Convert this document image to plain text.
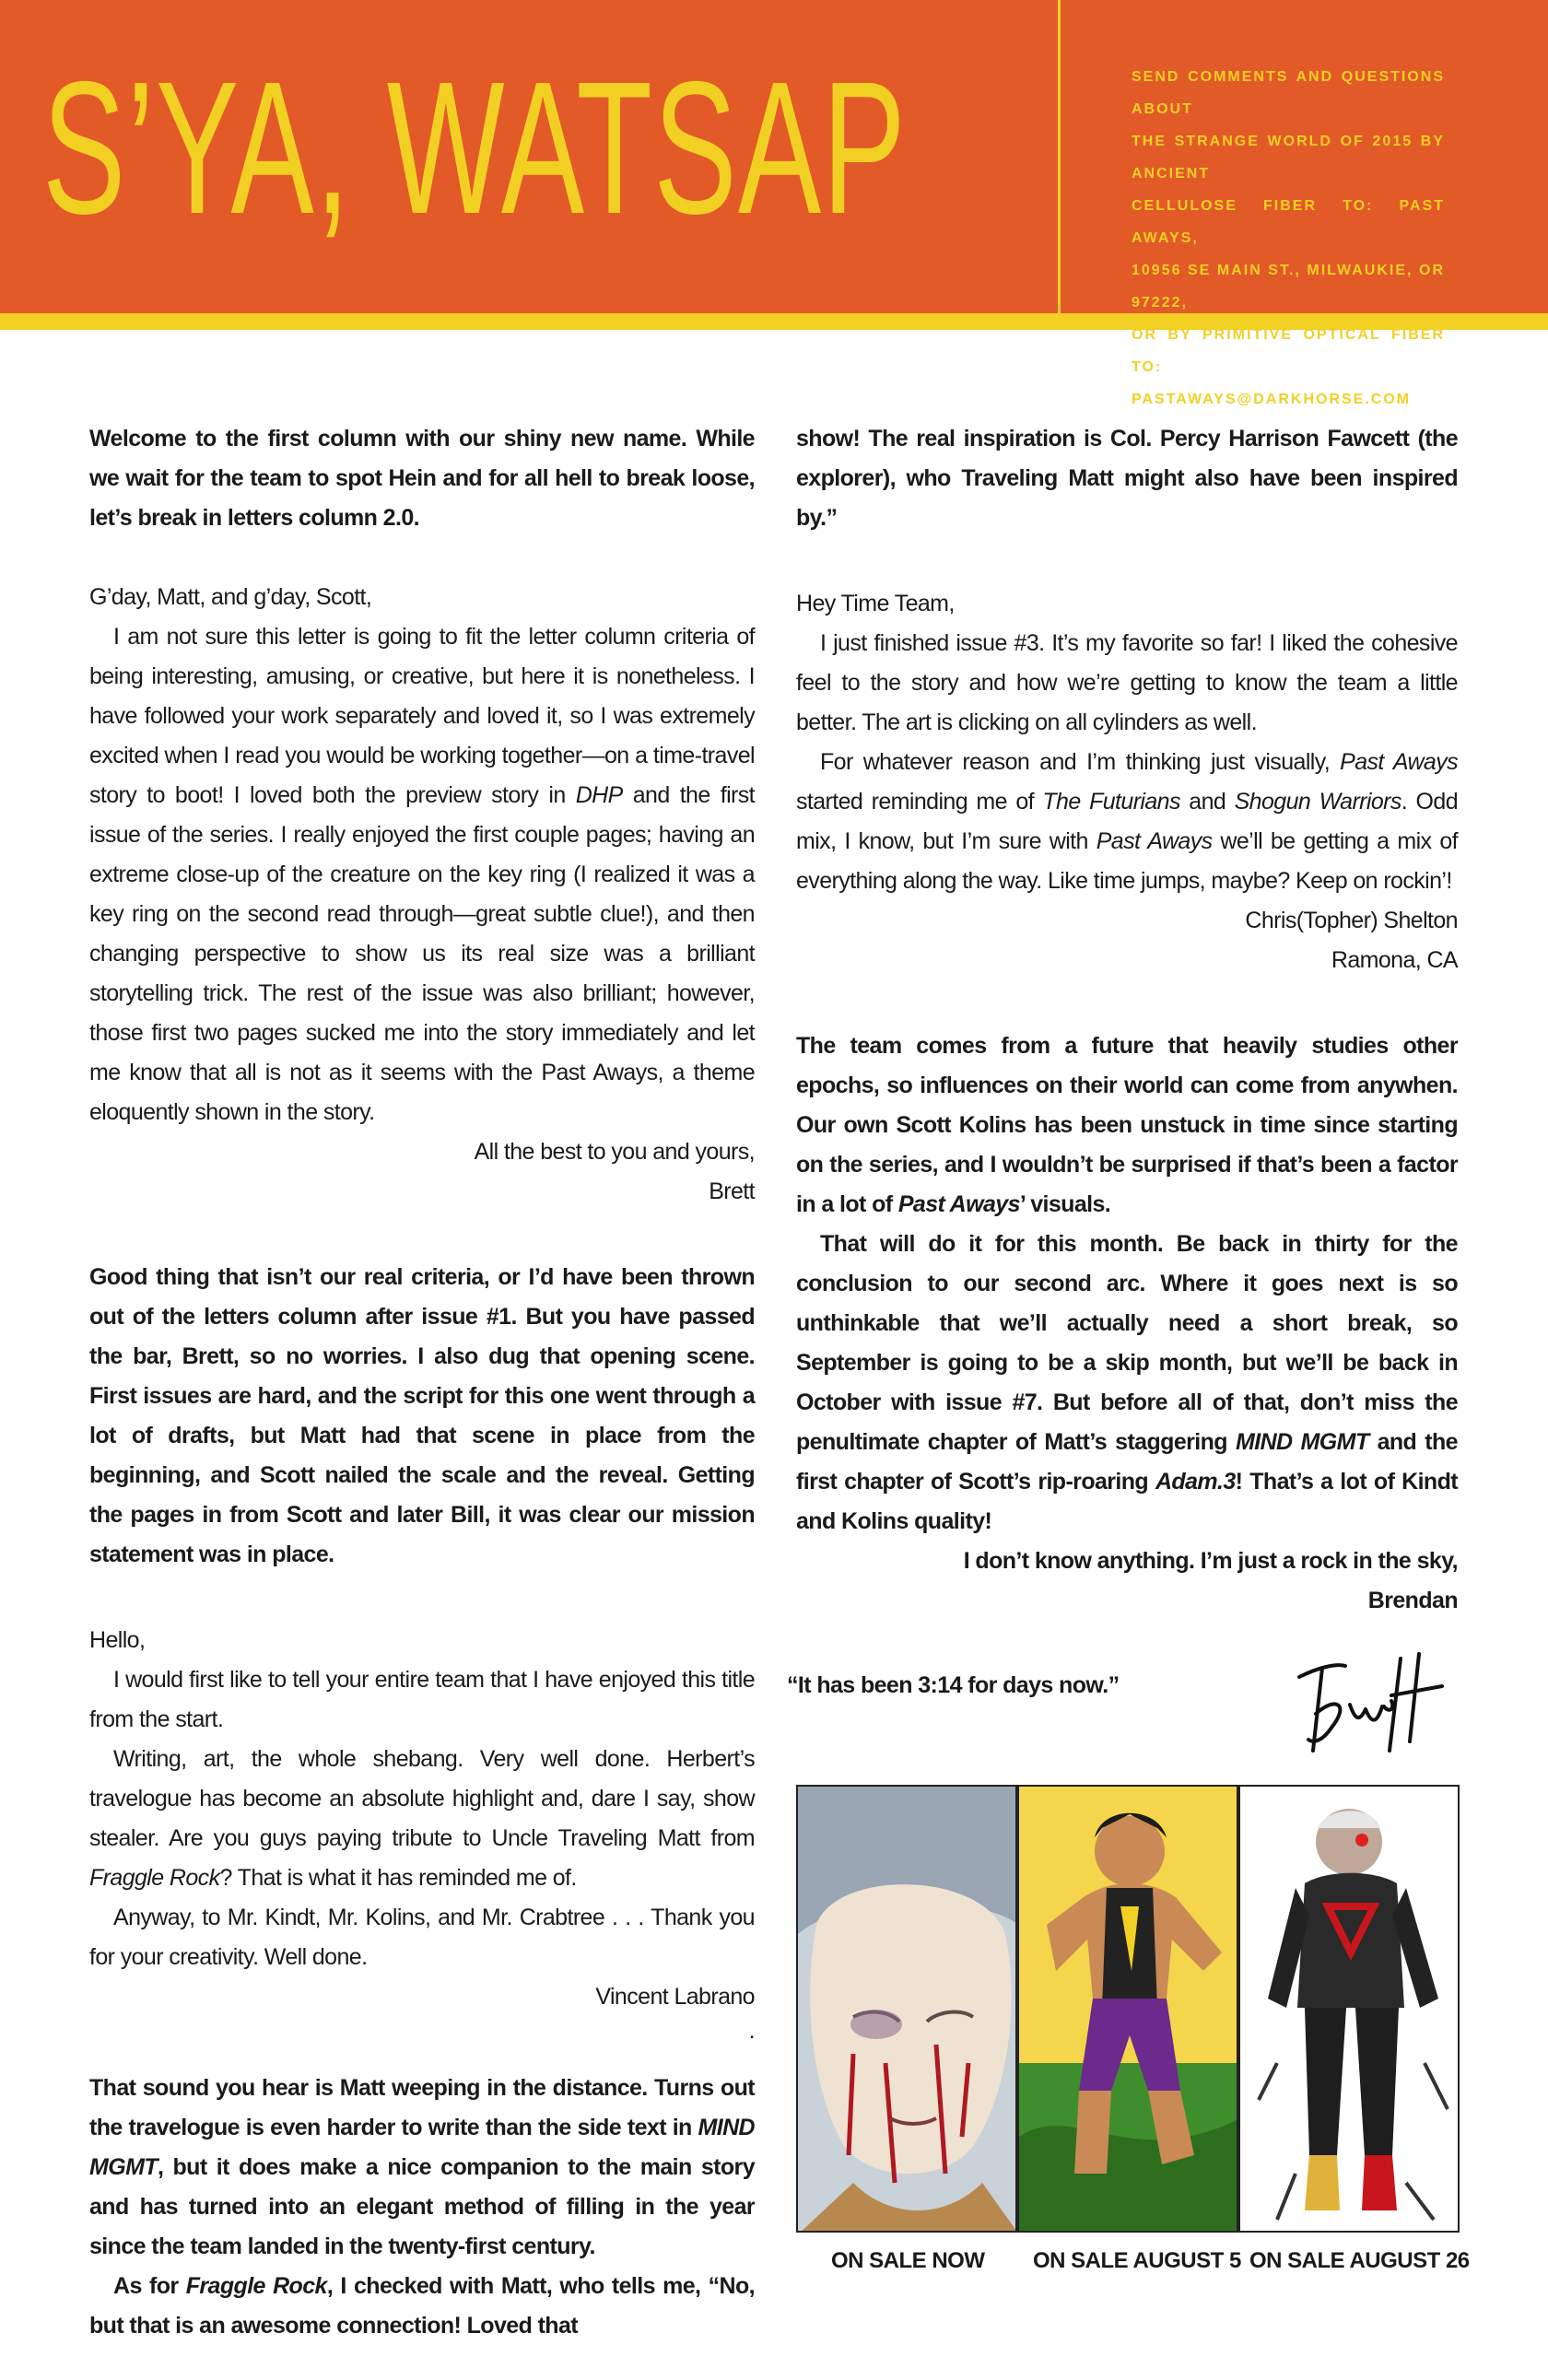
S’YA, WATSAP	SEND COMMENTS AND QUESTIONS ABOUT
THE STRANGE WORLD OF 2015 BY ANCIENT
CELLULOSE FIBER TO: PAST AWAYS,
10956 SE MAIN ST., MILWAUKIE, OR 97222,
OR BY PRIMITIVE OPTICAL FIBER TO:
PASTAWAYS@DARKHORSE.COM

Welcome to the first column with our shiny new name. While we wait for the team to spot Hein and for all hell to break loose, let’s break in letters column 2.0.

G’day, Matt, and g’day, Scott,

I am not sure this letter is going to fit the letter column criteria of being interesting, amusing, or creative, but here it is nonetheless. I have followed your work separately and loved it, so I was extremely excited when I read you would be working together—on a time-travel story to boot! I loved both the preview story in DHP and the first issue of the series. I really enjoyed the first couple pages; having an extreme close-up of the creature on the key ring (I realized it was a key ring on the second read through—great subtle clue!), and then changing perspective to show us its real size was a brilliant storytelling trick. The rest of the issue was also brilliant; however, those first two pages sucked me into the story immediately and let me know that all is not as it seems with the Past Aways, a theme eloquently shown in the story.

All the best to you and yours,

Brett

Good thing that isn’t our real criteria, or I’d have been thrown out of the letters column after issue #1. But you have passed the bar, Brett, so no worries. I also dug that opening scene. First issues are hard, and the script for this one went through a lot of drafts, but Matt had that scene in place from the beginning, and Scott nailed the scale and the reveal. Getting the pages in from Scott and later Bill, it was clear our mission statement was in place.

Hello,

I would first like to tell your entire team that I have enjoyed this title from the start.

Writing, art, the whole shebang. Very well done. Herbert’s travelogue has become an absolute highlight and, dare I say, show stealer. Are you guys paying tribute to Uncle Traveling Matt from Fraggle Rock? That is what it has reminded me of.

Anyway, to Mr. Kindt, Mr. Kolins, and Mr. Crabtree . . . Thank you for your creativity. Well done.

Vincent Labrano

.

That sound you hear is Matt weeping in the distance. Turns out the travelogue is even harder to write than the side text in MIND MGMT, but it does make a nice companion to the main story and has turned into an elegant method of filling in the year since the team landed in the twenty-first century.

As for Fraggle Rock, I checked with Matt, who tells me, “No, but that is an awesome connection! Loved that

show! The real inspiration is Col. Percy Harrison Fawcett (the explorer), who Traveling Matt might also have been inspired by.”

Hey Time Team,

I just finished issue #3. It’s my favorite so far! I liked the cohesive feel to the story and how we’re getting to know the team a little better. The art is clicking on all cylinders as well.

For whatever reason and I’m thinking just visually, Past Aways started reminding me of The Futurians and Shogun Warriors. Odd mix, I know, but I’m sure with Past Aways we’ll be getting a mix of everything along the way. Like time jumps, maybe? Keep on rockin’!

Chris(Topher) Shelton

Ramona, CA

The team comes from a future that heavily studies other epochs, so influences on their world can come from anywhen. Our own Scott Kolins has been unstuck in time since starting on the series, and I wouldn’t be surprised if that’s been a factor in a lot of Past Aways’ visuals.

That will do it for this month. Be back in thirty for the conclusion to our second arc. Where it goes next is so unthinkable that we’ll actually need a short break, so September is going to be a skip month, but we’ll be back in October with issue #7. But before all of that, don’t miss the penultimate chapter of Matt’s staggering MIND MGMT and the first chapter of Scott’s rip-roaring Adam.3! That’s a lot of Kindt and Kolins quality!

I don’t know anything. I’m just a rock in the sky,

Brendan

“It has been 3:14 for days now.”
ON SALE NOW ON SALE AUGUST 5 ON SALE AUGUST 26
